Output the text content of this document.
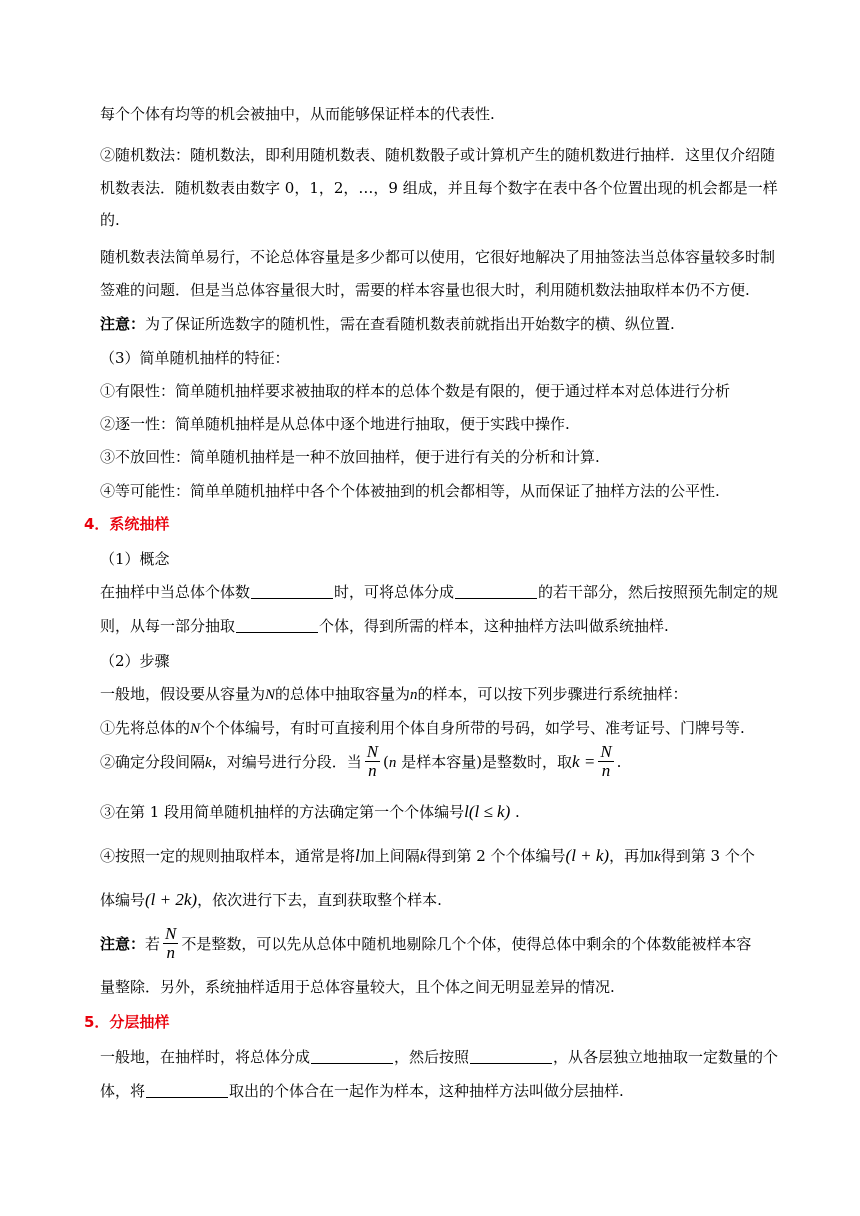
每个个体有均等的机会被抽中，从而能够保证样本的代表性.
②随机数法：随机数法，即利用随机数表、随机数骰子或计算机产生的随机数进行抽样．这里仅介绍随
机数表法．随机数表由数字 0，1，2，…，9 组成，并且每个数字在表中各个位置出现的机会都是一样
的.
随机数表法简单易行，不论总体容量是多少都可以使用，它很好地解决了用抽签法当总体容量较多时制
签难的问题．但是当总体容量很大时，需要的样本容量也很大时，利用随机数法抽取样本仍不方便.
注意：为了保证所选数字的随机性，需在查看随机数表前就指出开始数字的横、纵位置.
（3）简单随机抽样的特征：
①有限性：简单随机抽样要求被抽取的样本的总体个数是有限的，便于通过样本对总体进行分析
②逐一性：简单随机抽样是从总体中逐个地进行抽取，便于实践中操作.
③不放回性：简单随机抽样是一种不放回抽样，便于进行有关的分析和计算.
④等可能性：简单单随机抽样中各个个体被抽到的机会都相等，从而保证了抽样方法的公平性.
4．系统抽样
（1）概念
在抽样中当总体个体数	时，可将总体分成	的若干部分，然后按照预先制定的规
则，从每一部分抽取	个体，得到所需的样本，这种抽样方法叫做系统抽样.
（2）步骤
一般地，假设要从容量为N的总体中抽取容量为n的样本，可以按下列步骤进行系统抽样：
①先将总体的N个个体编号，有时可直接利用个体自身所带的号码，如学号、准考证号、门牌号等.
②确定分段间隔k，对编号进行分段．当 $\frac{N}{n} (n$ 是样本容量)是整数时，取$k = \frac{N}{n}$ .
③在第 1 段用简单随机抽样的方法确定第一个个体编号l(l ≤ k) .
④按照一定的规则抽取样本，通常是将l加上间隔k得到第 2 个个体编号(l + k)，再加k得到第 3 个个
体编号(l + 2k)，依次进行下去，直到获取整个样本.
注意：若 $\frac{N}{n}$ 不是整数，可以先从总体中随机地剔除几个个体，使得总体中剩余的个体数能被样本容
量整除．另外，系统抽样适用于总体容量较大，且个体之间无明显差异的情况.
5．分层抽样
一般地，在抽样时，将总体分成	，然后按照	，从各层独立地抽取一定数量的个
体，将	取出的个体合在一起作为样本，这种抽样方法叫做分层抽样.
